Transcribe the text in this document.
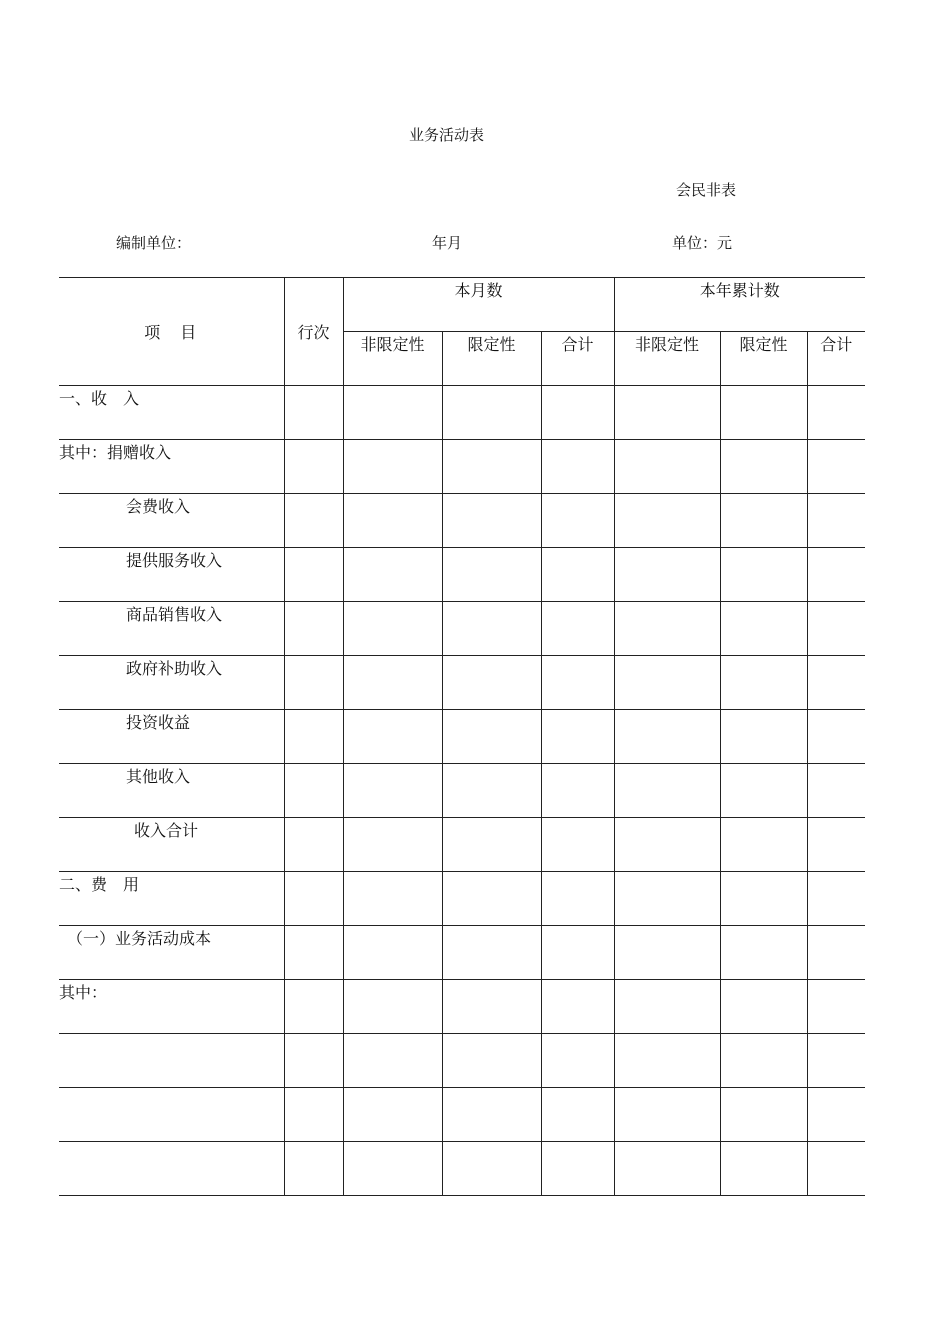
业务活动表
会民非表
编制单位：	年月	单位：元
项　目	行次	本月数			本年累计数		
		非限定性	限定性	合计	非限定性	限定性	合计
一、收　入							
其中：捐赠收入							
会费收入							
提供服务收入							
商品销售收入							
政府补助收入							
投资收益							
其他收入							
收入合计							
二、费　用							
（一）业务活动成本							
其中：							
